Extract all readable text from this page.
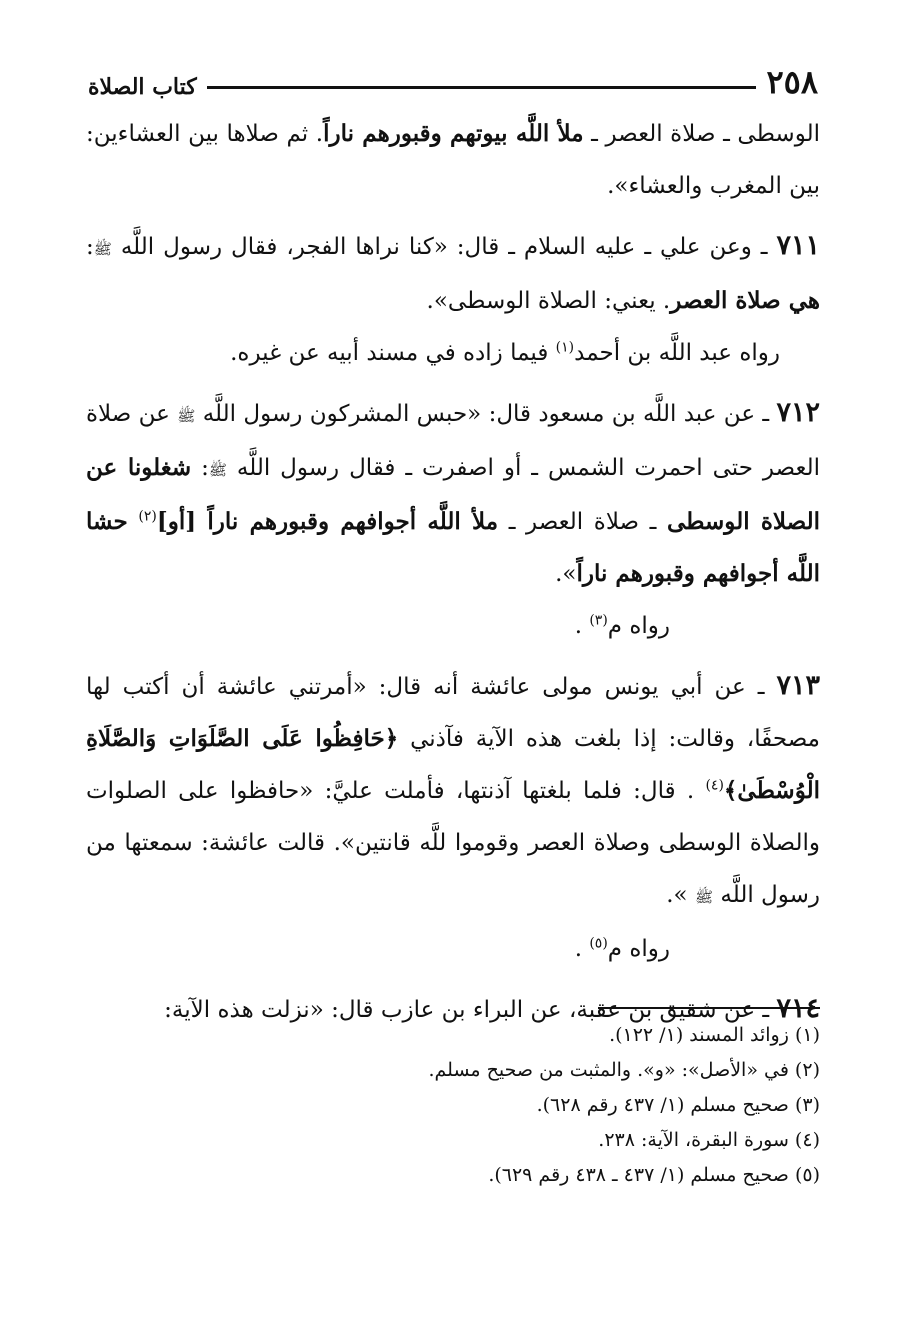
٢٥٨
كتاب الصلاة

الوسطى ـ صلاة العصر ـ ملأ اللَّه بيوتهم وقبورهم ناراً. ثم صلاها بين العشاءين: بين المغرب والعشاء».

٧١١ ـ وعن علي ـ عليه السلام ـ قال: «كنا نراها الفجر، فقال رسول اللَّه ﷺ: هي صلاة العصر. يعني: الصلاة الوسطى».

رواه عبد اللَّه بن أحمد$^{(١)}$ فيما زاده في مسند أبيه عن غيره.

٧١٢ ـ عن عبد اللَّه بن مسعود قال: «حبس المشركون رسول اللَّه ﷺ عن صلاة العصر حتى احمرت الشمس ـ أو اصفرت ـ فقال رسول اللَّه ﷺ: شغلونا عن الصلاة الوسطى ـ صلاة العصر ـ ملأ اللَّه أجوافهم وقبورهم ناراً [أو]$^{(٢)}$ حشا اللَّه أجوافهم وقبورهم ناراً».

رواه م$^{(٣)}$ .

٧١٣ ـ عن أبي يونس مولى عائشة أنه قال: «أمرتني عائشة أن أكتب لها مصحفًا، وقالت: إذا بلغت هذه الآية فآذني ﴿حَافِظُوا عَلَى الصَّلَوَاتِ وَالصَّلَاةِ الْوُسْطَىٰ﴾$^{(٤)}$ . قال: فلما بلغتها آذنتها، فأملت عليَّ: «حافظوا على الصلوات والصلاة الوسطى وصلاة العصر وقوموا للَّه قانتين». قالت عائشة: سمعتها من رسول اللَّه ﷺ ».

رواه م$^{(٥)}$ .

٧١٤ ـ عن شقيق بن عقبة، عن البراء بن عازب قال: «نزلت هذه الآية:

(١) زوائد المسند (١/ ١٢٢).

(٢) في «الأصل»: «و». والمثبت من صحيح مسلم.

(٣) صحيح مسلم (١/ ٤٣٧ رقم ٦٢٨).

(٤) سورة البقرة، الآية: ٢٣٨.

(٥) صحيح مسلم (١/ ٤٣٧ ـ ٤٣٨ رقم ٦٢٩).
